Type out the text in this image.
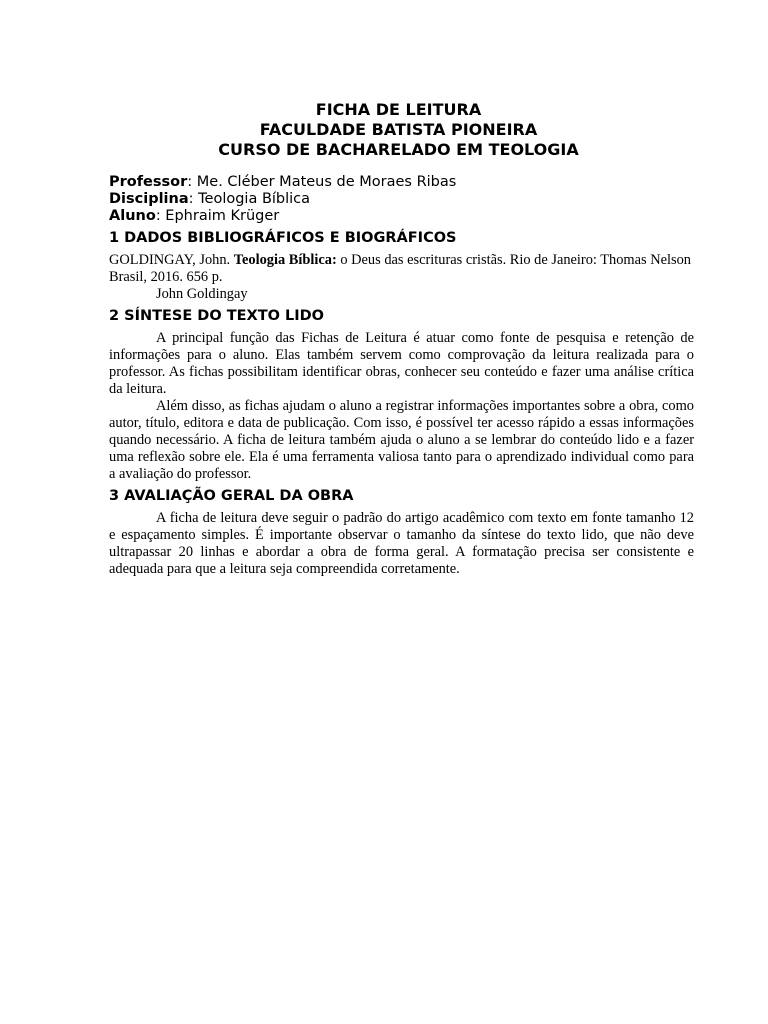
FICHA DE LEITURA
FACULDADE BATISTA PIONEIRA
CURSO DE BACHARELADO EM TEOLOGIA
Professor: Me. Cléber Mateus de Moraes Ribas
Disciplina: Teologia Bíblica
Aluno: Ephraim Krüger
1 DADOS BIBLIOGRÁFICOS E BIOGRÁFICOS

GOLDINGAY, John. Teologia Bíblica: o Deus das escrituras cristãs. Rio de Janeiro: Thomas Nelson Brasil, 2016. 656 p.

John Goldingay
2 SÍNTESE DO TEXTO LIDO

A principal função das Fichas de Leitura é atuar como fonte de pesquisa e retenção de informações para o aluno. Elas também servem como comprovação da leitura realizada para o professor. As fichas possibilitam identificar obras, conhecer seu conteúdo e fazer uma análise crítica da leitura.

Além disso, as fichas ajudam o aluno a registrar informações importantes sobre a obra, como autor, título, editora e data de publicação. Com isso, é possível ter acesso rápido a essas informações quando necessário. A ficha de leitura também ajuda o aluno a se lembrar do conteúdo lido e a fazer uma reflexão sobre ele. Ela é uma ferramenta valiosa tanto para o aprendizado individual como para a avaliação do professor.

3 AVALIAÇÃO GERAL DA OBRA

A ficha de leitura deve seguir o padrão do artigo acadêmico com texto em fonte tamanho 12 e espaçamento simples. É importante observar o tamanho da síntese do texto lido, que não deve ultrapassar 20 linhas e abordar a obra de forma geral. A formatação precisa ser consistente e adequada para que a leitura seja compreendida corretamente.
